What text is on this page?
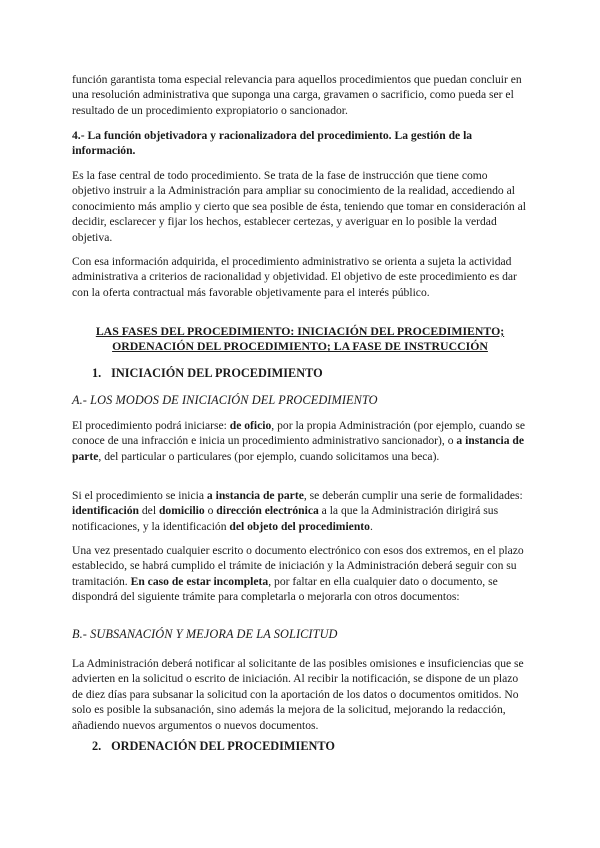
función garantista toma especial relevancia para aquellos procedimientos que puedan concluir en una resolución administrativa que suponga una carga, gravamen o sacrificio, como pueda ser el resultado de un procedimiento expropiatorio o sancionador.

4.- La función objetivadora y racionalizadora del procedimiento. La gestión de la información.

Es la fase central de todo procedimiento. Se trata de la fase de instrucción que tiene como objetivo instruir a la Administración para ampliar su conocimiento de la realidad, accediendo al conocimiento más amplio y cierto que sea posible de ésta, teniendo que tomar en consideración al decidir, esclarecer y fijar los hechos, establecer certezas, y averiguar en lo posible la verdad objetiva.

Con esa información adquirida, el procedimiento administrativo se orienta a sujeta la actividad administrativa a criterios de racionalidad y objetividad. El objetivo de este procedimiento es dar con la oferta contractual más favorable objetivamente para el interés público.

LAS FASES DEL PROCEDIMIENTO: INICIACIÓN DEL PROCEDIMIENTO; ORDENACIÓN DEL PROCEDIMIENTO; LA FASE DE INSTRUCCIÓN

1. INICIACIÓN DEL PROCEDIMIENTO

A.- LOS MODOS DE INICIACIÓN DEL PROCEDIMIENTO

El procedimiento podrá iniciarse: de oficio, por la propia Administración (por ejemplo, cuando se conoce de una infracción e inicia un procedimiento administrativo sancionador), o a instancia de parte, del particular o particulares (por ejemplo, cuando solicitamos una beca).

Si el procedimiento se inicia a instancia de parte, se deberán cumplir una serie de formalidades: identificación del domicilio o dirección electrónica a la que la Administración dirigirá sus notificaciones, y la identificación del objeto del procedimiento.

Una vez presentado cualquier escrito o documento electrónico con esos dos extremos, en el plazo establecido, se habrá cumplido el trámite de iniciación y la Administración deberá seguir con su tramitación. En caso de estar incompleta, por faltar en ella cualquier dato o documento, se dispondrá del siguiente trámite para completarla o mejorarla con otros documentos:

B.- SUBSANACIÓN Y MEJORA DE LA SOLICITUD

La Administración deberá notificar al solicitante de las posibles omisiones e insuficiencias que se advierten en la solicitud o escrito de iniciación. Al recibir la notificación, se dispone de un plazo de diez días para subsanar la solicitud con la aportación de los datos o documentos omitidos. No solo es posible la subsanación, sino además la mejora de la solicitud, mejorando la redacción, añadiendo nuevos argumentos o nuevos documentos.

2. ORDENACIÓN DEL PROCEDIMIENTO
